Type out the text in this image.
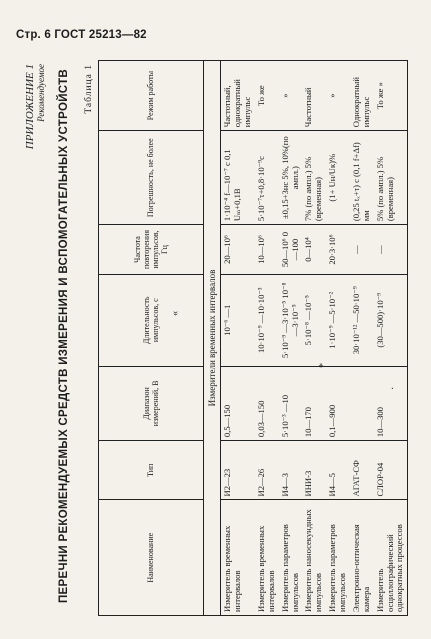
Стр. 6 ГОСТ 25213—82
ПРИЛОЖЕНИЕ 1 Рекомендуемое ПЕРЕЧНИ РЕКОМЕНДУЕМЫХ СРЕДСТВ ИЗМЕРЕНИЯ И ВСПОМОГАТЕЛЬНЫХ УСТРОЙСТВ Таблица 1
Наименование	Тип	Диапазон измерений, В	Длительность импульсов, с	Частота повторения импульсов, Гц	Погрешность, не более	Режим работы
Измерители временных интервалов						
Измеритель временных интервалов	И2—23	0,5—150	10⁻⁶ —1	20—10⁶	1·10⁻⁴ f—10⁻⁷ с 0,1 Uₘ+0,1В	Частотный, однократный импульс
Измеритель временных интервалов	И2—26	0,03—150	10·10⁻⁹ —10·10⁻³	10—10⁶	5·10⁻⁷τ+0,8·10⁻⁹с	То же
Измеритель параметров импульсов	И4—3	5·10⁻³ —10	5·10⁻⁹ —3·10⁻⁵ 10⁻⁸ —3·10⁻⁵	50—10⁶ 0—100	±0,15+3нс 5%, 10%(по ампл.)	»
Измеритель наносекундных импульсов	ИНИ-3	10—170	5·10⁻⁸ —10⁻⁵	0—10⁴	7% (по ампл.) 5% (временная)	Частотный
Измеритель параметров импульсов	И4—5	0,1—900	1·10⁻⁹ —5·10⁻²	20·3·10⁶	(1+ Uн/Uк)%	»
Электронно-оптическая камера	АГАТ-СФ		30·10⁻¹² —50·10⁻⁹	—	(0,25 tₓ+τ) с (0,1 f+Δf) мм	Однократный импульс
Измеритель осциллографический однократных процессов	СЛОР-04	10—300	(30—500)·10⁻⁹	—	5% (по ампл.) 5% (временная)	То же »
«
*
·
